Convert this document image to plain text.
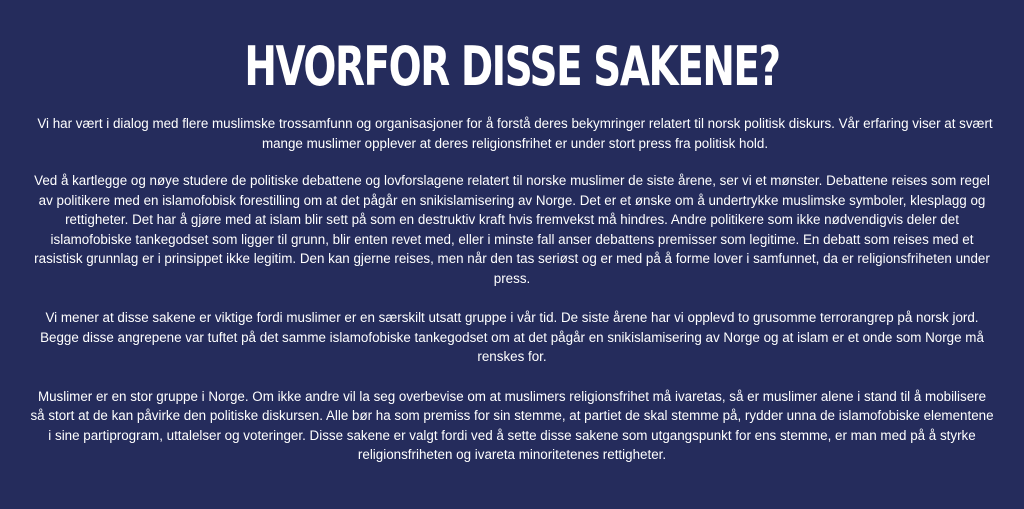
HVORFOR DISSE SAKENE?

Vi har vært i dialog med flere muslimske trossamfunn og organisasjoner for å forstå deres bekymringer relatert til norsk politisk diskurs. Vår erfaring viser at svært mange muslimer opplever at deres religionsfrihet er under stort press fra politisk hold.

Ved å kartlegge og nøye studere de politiske debattene og lovforslagene relatert til norske muslimer de siste årene, ser vi et mønster. Debattene reises som regel av politikere med en islamofobisk forestilling om at det pågår en snikislamisering av Norge. Det er et ønske om å undertrykke muslimske symboler, klesplagg og rettigheter. Det har å gjøre med at islam blir sett på som en destruktiv kraft hvis fremvekst må hindres. Andre politikere som ikke nødvendigvis deler det islamofobiske tankegodset som ligger til grunn, blir enten revet med, eller i minste fall anser debattens premisser som legitime. En debatt som reises med et rasistisk grunnlag er i prinsippet ikke legitim. Den kan gjerne reises, men når den tas seriøst og er med på å forme lover i samfunnet, da er religionsfriheten under press.

Vi mener at disse sakene er viktige fordi muslimer er en særskilt utsatt gruppe i vår tid. De siste årene har vi opplevd to grusomme terrorangrep på norsk jord. Begge disse angrepene var tuftet på det samme islamofobiske tankegodset om at det pågår en snikislamisering av Norge og at islam er et onde som Norge må renskes for.

Muslimer er en stor gruppe i Norge. Om ikke andre vil la seg overbevise om at muslimers religionsfrihet må ivaretas, så er muslimer alene i stand til å mobilisere så stort at de kan påvirke den politiske diskursen. Alle bør ha som premiss for sin stemme, at partiet de skal stemme på, rydder unna de islamofobiske elementene i sine partiprogram, uttalelser og voteringer. Disse sakene er valgt fordi ved å sette disse sakene som utgangspunkt for ens stemme, er man med på å styrke religionsfriheten og ivareta minoritetenes rettigheter.
